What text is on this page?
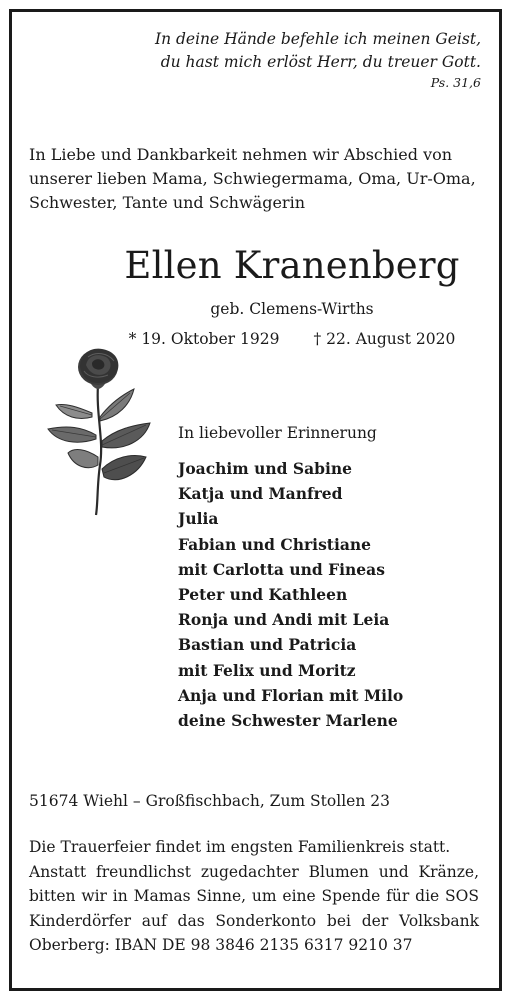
In deine Hände befehle ich meinen Geist,
du hast mich erlöst Herr, du treuer Gott.
Ps. 31,6
In Liebe und Dankbarkeit nehmen wir Abschied von
unserer lieben Mama, Schwiegermama, Oma, Ur-Oma,
Schwester, Tante und Schwägerin
Ellen Kranenberg
geb. Clemens-Wirths
* 19. Oktober 1929 † 22. August 2020
In liebevoller Erinnerung
Joachim und Sabine
Katja und Manfred
Julia
Fabian und Christiane
mit Carlotta und Fineas
Peter und Kathleen
Ronja und Andi mit Leia
Bastian und Patricia
mit Felix und Moritz
Anja und Florian mit Milo
deine Schwester Marlene
51674 Wiehl – Großfischbach, Zum Stollen 23
Die Trauerfeier findet im engsten Familienkreis statt.
Anstatt freundlichst zugedachter Blumen und Kränze,
bitten wir in Mamas Sinne, um eine Spende für die SOS
Kinderdörfer auf das Sonderkonto bei der Volksbank
Oberberg: IBAN DE 98 3846 2135 6317 9210 37
